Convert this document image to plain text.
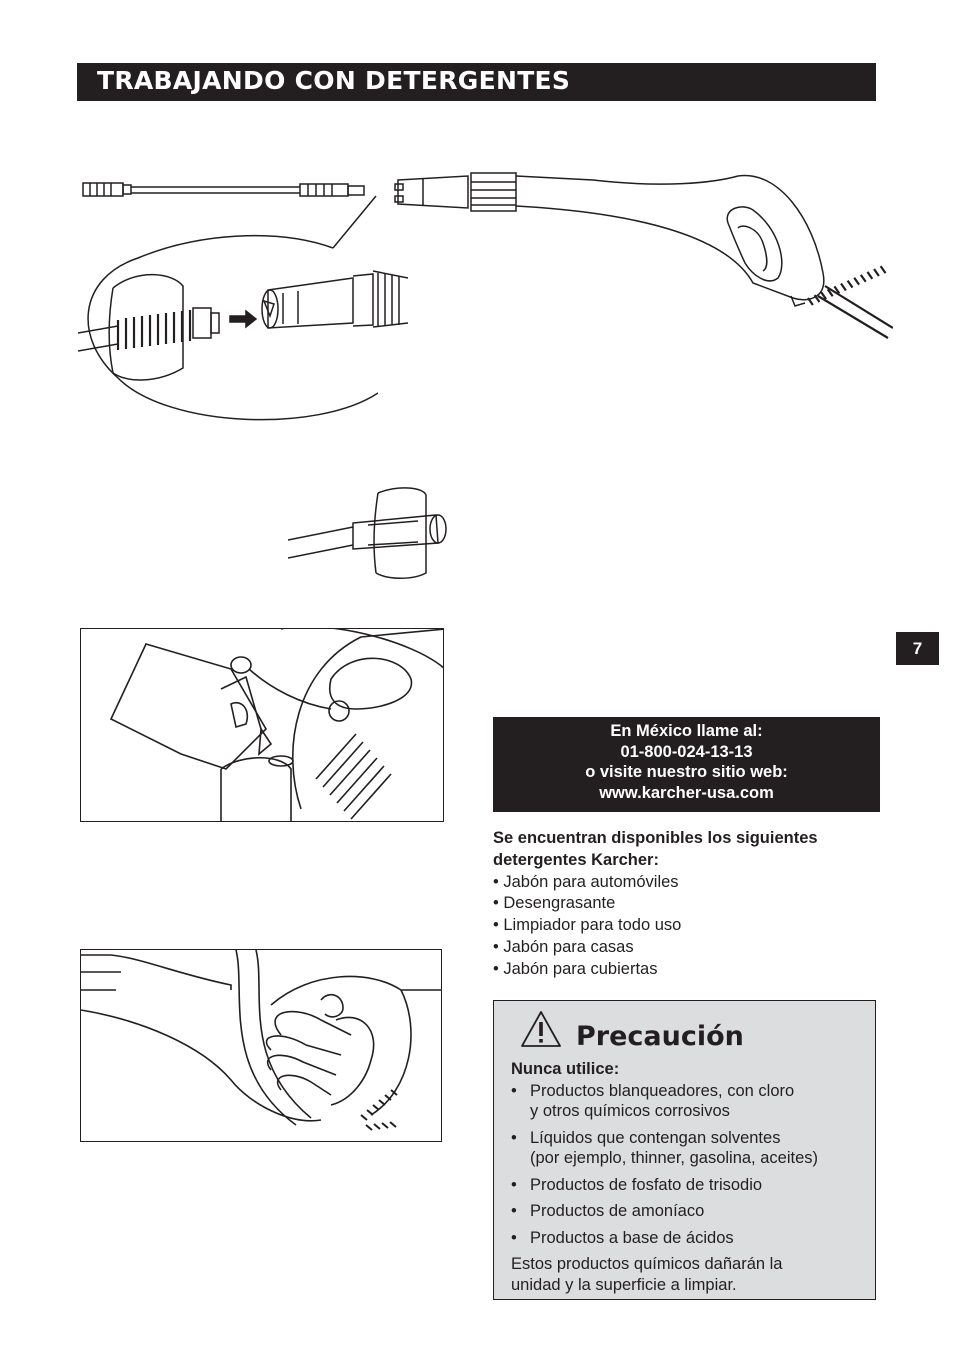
TRABAJANDO CON DETERGENTES
7
En México llame al:
01-800-024-13-13
o visite nuestro sitio web:
www.karcher-usa.com
Se encuentran disponibles los siguientes
detergentes Karcher:
• Jabón para automóviles
• Desengrasante
• Limpiador para todo uso
• Jabón para casas
• Jabón para cubiertas
Precaución
Nunca utilice:
• Productos blanqueadores, con cloro
y otros químicos corrosivos
• Líquidos que contengan solventes
(por ejemplo, thinner, gasolina, aceites)
• Productos de fosfato de trisodio
• Productos de amoníaco
• Productos a base de ácidos
Estos productos químicos dañarán la
unidad y la superficie a limpiar.
